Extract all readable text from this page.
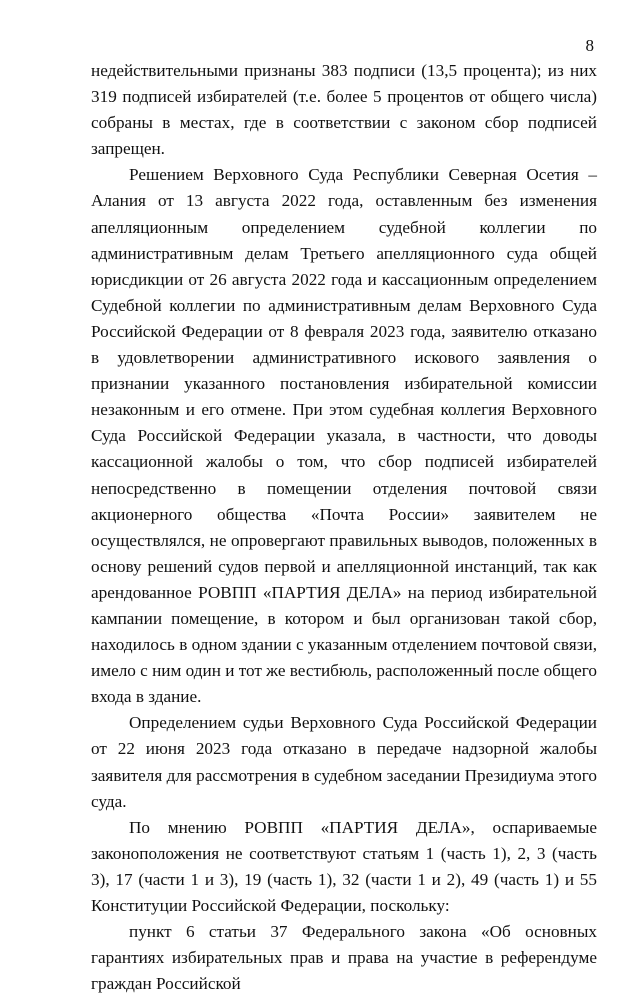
8

недействительными признаны 383 подписи (13,5 процента); из них 319 подписей избирателей (т.е. более 5 процентов от общего числа) собраны в местах, где в соответствии с законом сбор подписей запрещен.

Решением Верховного Суда Республики Северная Осетия – Алания от 13 августа 2022 года, оставленным без изменения апелляционным определением судебной коллегии по административным делам Третьего апелляционного суда общей юрисдикции от 26 августа 2022 года и кассационным определением Судебной коллегии по административным делам Верховного Суда Российской Федерации от 8 февраля 2023 года, заявителю отказано в удовлетворении административного искового заявления о признании указанного постановления избирательной комиссии незаконным и его отмене. При этом судебная коллегия Верховного Суда Российской Федерации указала, в частности, что доводы кассационной жалобы о том, что сбор подписей избирателей непосредственно в помещении отделения почтовой связи акционерного общества «Почта России» заявителем не осуществлялся, не опровергают правильных выводов, положенных в основу решений судов первой и апелляционной инстанций, так как арендованное РОВПП «ПАРТИЯ ДЕЛА» на период избирательной кампании помещение, в котором и был организован такой сбор, находилось в одном здании с указанным отделением почтовой связи, имело с ним один и тот же вестибюль, расположенный после общего входа в здание.

Определением судьи Верховного Суда Российской Федерации от 22 июня 2023 года отказано в передаче надзорной жалобы заявителя для рассмотрения в судебном заседании Президиума этого суда.

По мнению РОВПП «ПАРТИЯ ДЕЛА», оспариваемые законоположения не соответствуют статьям 1 (часть 1), 2, 3 (часть 3), 17 (части 1 и 3), 19 (часть 1), 32 (части 1 и 2), 49 (часть 1) и 55 Конституции Российской Федерации, поскольку:

пункт 6 статьи 37 Федерального закона «Об основных гарантиях избирательных прав и права на участие в референдуме граждан Российской
